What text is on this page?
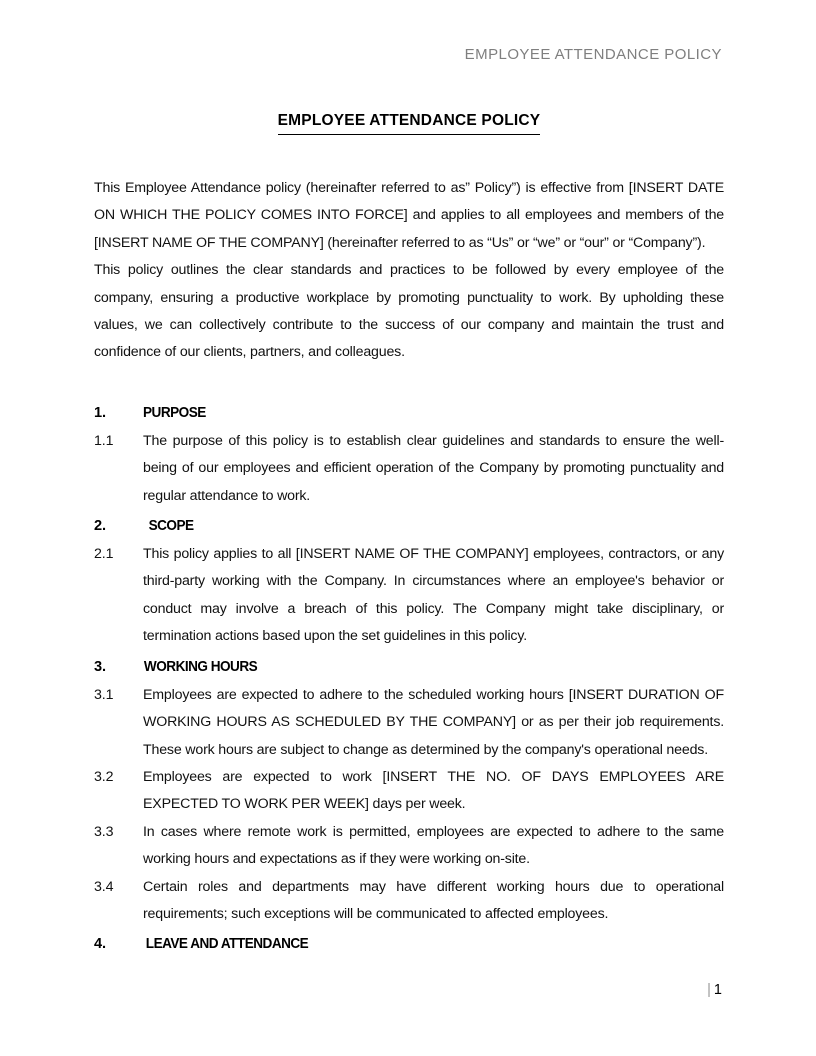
EMPLOYEE ATTENDANCE POLICY
EMPLOYEE ATTENDANCE POLICY

This Employee Attendance policy (hereinafter referred to as” Policy”) is effective from [INSERT DATE ON WHICH THE POLICY COMES INTO FORCE] and applies to all employees and members of the [INSERT NAME OF THE COMPANY] (hereinafter referred to as “Us” or “we” or “our” or “Company”).

This policy outlines the clear standards and practices to be followed by every employee of the company, ensuring a productive workplace by promoting punctuality to work. By upholding these values, we can collectively contribute to the success of our company and maintain the trust and confidence of our clients, partners, and colleagues.

1.	PURPOSE
1.1	The purpose of this policy is to establish clear guidelines and standards to ensure the well-being of our employees and efficient operation of the Company by promoting punctuality and regular attendance to work.
2.	SCOPE
2.1	This policy applies to all [INSERT NAME OF THE COMPANY] employees, contractors, or any third-party working with the Company. In circumstances where an employee's behavior or conduct may involve a breach of this policy. The Company might take disciplinary, or termination actions based upon the set guidelines in this policy.
3.	WORKING HOURS
3.1	Employees are expected to adhere to the scheduled working hours [INSERT DURATION OF WORKING HOURS AS SCHEDULED BY THE COMPANY] or as per their job requirements. These work hours are subject to change as determined by the company's operational needs.
3.2	Employees are expected to work [INSERT THE NO. OF DAYS EMPLOYEES ARE EXPECTED TO WORK PER WEEK] days per week.
3.3	In cases where remote work is permitted, employees are expected to adhere to the same working hours and expectations as if they were working on-site.
3.4	Certain roles and departments may have different working hours due to operational requirements; such exceptions will be communicated to affected employees.
4.	LEAVE AND ATTENDANCE
| 1
